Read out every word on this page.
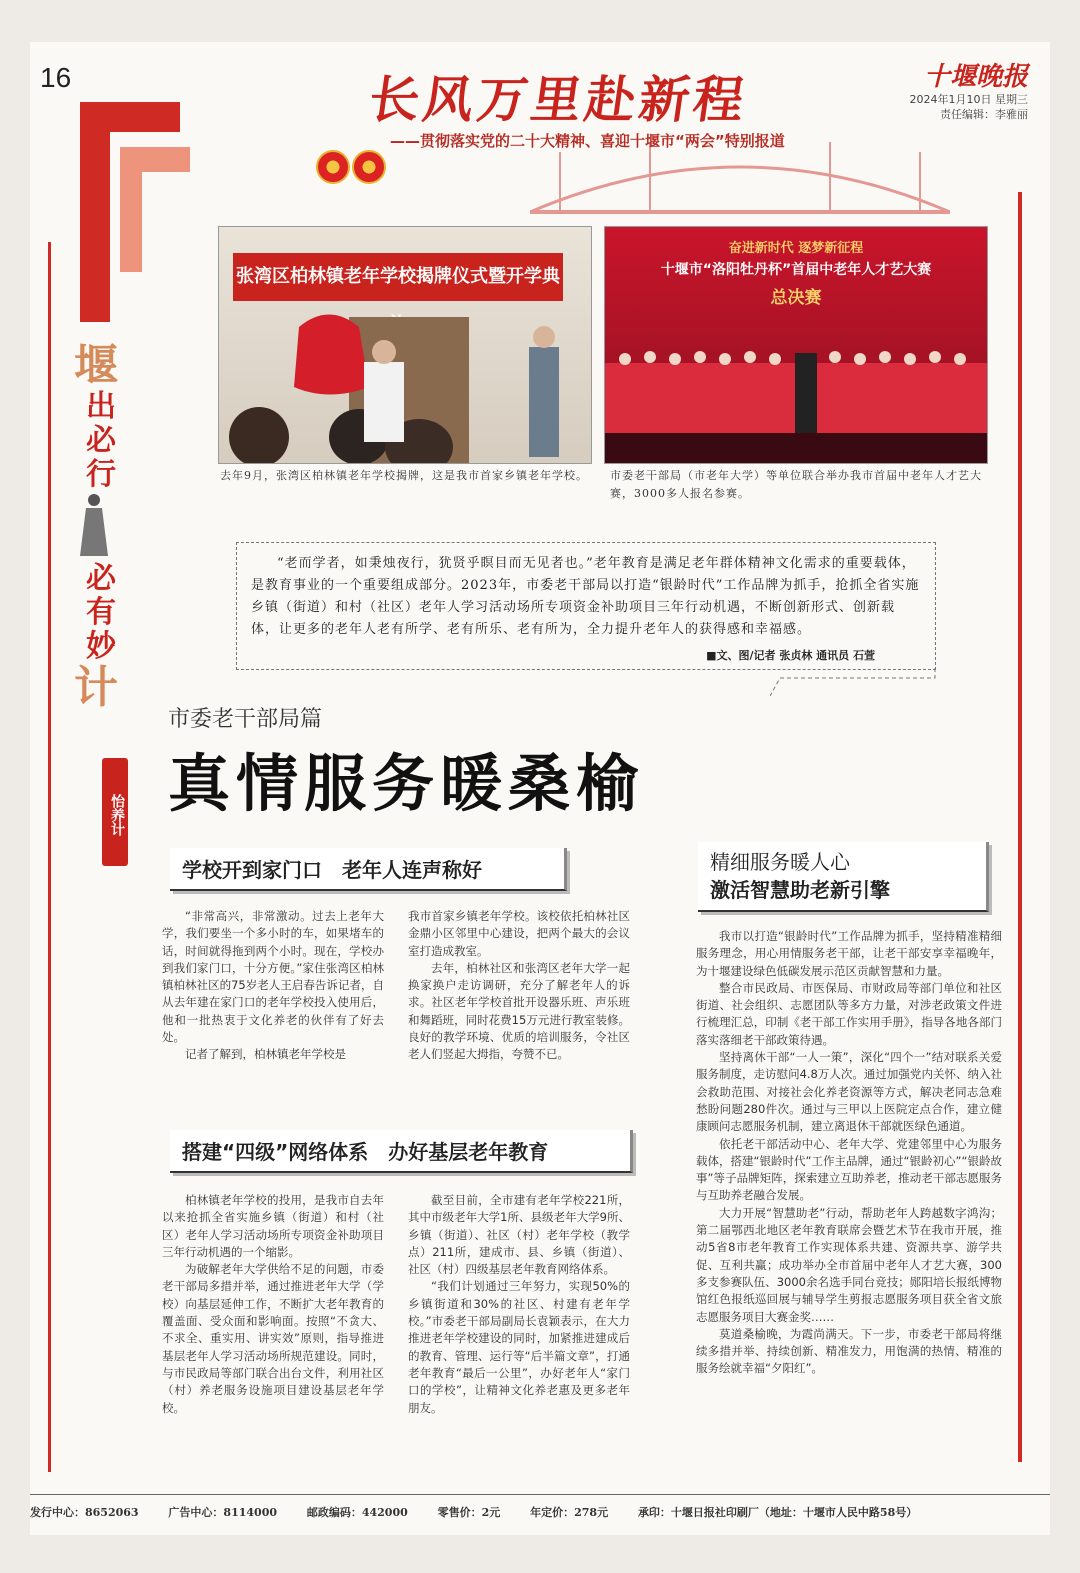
16	长风万里赴新程
——贯彻落实党的二十大精神、喜迎十堰市“两会”特别报道
十堰晚报
2024年1月10日 星期三
责任编辑：李雅丽
张湾区柏林镇老年学校揭牌仪式暨开学典
奋进新时代 逐梦新征程
十堰市“洛阳牡丹杯”首届中老年人才艺大赛
总决赛
去年9月，张湾区柏林镇老年学校揭牌，这是我市首家乡镇老年学校。	市委老干部局（市老年大学）等单位联合举办我市首届中老年人才艺大赛，3000多人报名参赛。
堰
出
必
行
必
有
妙
计
怡养计
“老而学者，如秉烛夜行，犹贤乎瞑目而无见者也。”老年教育是满足老年群体精神文化需求的重要载体，是教育事业的一个重要组成部分。2023年，市委老干部局以打造“银龄时代”工作品牌为抓手，抢抓全省实施乡镇（街道）和村（社区）老年人学习活动场所专项资金补助项目三年行动机遇，不断创新形式、创新载体，让更多的老年人老有所学、老有所乐、老有所为，全力提升老年人的获得感和幸福感。
■文、图/记者 张贞林 通讯员 石萱
市委老干部局篇
真情服务暖桑榆
学校开到家门口　老年人连声称好

“非常高兴，非常激动。过去上老年大学，我们要坐一个多小时的车，如果堵车的话，时间就得拖到两个小时。现在，学校办到我们家门口，十分方便。”家住张湾区柏林镇柏林社区的75岁老人王启春告诉记者，自从去年建在家门口的老年学校投入使用后，他和一批热衷于文化养老的伙伴有了好去处。

记者了解到，柏林镇老年学校是

我市首家乡镇老年学校。该校依托柏林社区金鼎小区邻里中心建设，把两个最大的会议室打造成教室。

去年，柏林社区和张湾区老年大学一起换家换户走访调研，充分了解老年人的诉求。社区老年学校首批开设器乐班、声乐班和舞蹈班，同时花费15万元进行教室装修。良好的教学环境、优质的培训服务，令社区老人们竖起大拇指，夸赞不已。

搭建“四级”网络体系　办好基层老年教育

柏林镇老年学校的投用，是我市自去年以来抢抓全省实施乡镇（街道）和村（社区）老年人学习活动场所专项资金补助项目三年行动机遇的一个缩影。

为破解老年大学供给不足的问题，市委老干部局多措并举，通过推进老年大学（学校）向基层延伸工作，不断扩大老年教育的覆盖面、受众面和影响面。按照“不贪大、不求全、重实用、讲实效”原则，指导推进基层老年人学习活动场所规范建设。同时，与市民政局等部门联合出台文件，利用社区（村）养老服务设施项目建设基层老年学校。

截至目前，全市建有老年学校221所，其中市级老年大学1所、县级老年大学9所、乡镇（街道）、社区（村）老年学校（教学点）211所，建成市、县、乡镇（街道）、社区（村）四级基层老年教育网络体系。

“我们计划通过三年努力，实现50%的乡镇街道和30%的社区、村建有老年学校。”市委老干部局副局长袁颖表示，在大力推进老年学校建设的同时，加紧推进建成后的教育、管理、运行等“后半篇文章”，打通老年教育“最后一公里”，办好老年人“家门口的学校”，让精神文化养老惠及更多老年朋友。

精细服务暖人心
激活智慧助老新引擎

我市以打造“银龄时代”工作品牌为抓手，坚持精准精细服务理念，用心用情服务老干部，让老干部安享幸福晚年，为十堰建设绿色低碳发展示范区贡献智慧和力量。

整合市民政局、市医保局、市财政局等部门单位和社区街道、社会组织、志愿团队等多方力量，对涉老政策文件进行梳理汇总，印制《老干部工作实用手册》，指导各地各部门落实落细老干部政策待遇。

坚持离休干部“一人一策”，深化“四个一”结对联系关爱服务制度，走访慰问4.8万人次。通过加强党内关怀、纳入社会救助范围、对接社会化养老资源等方式，解决老同志急难愁盼问题280件次。通过与三甲以上医院定点合作，建立健康顾问志愿服务机制，建立离退休干部就医绿色通道。

依托老干部活动中心、老年大学、党建邻里中心为服务载体，搭建“银龄时代”工作主品牌，通过“银龄初心”“银龄故事”等子品牌矩阵，探索建立互助养老，推动老干部志愿服务与互助养老融合发展。

大力开展“智慧助老”行动，帮助老年人跨越数字鸿沟；第二届鄂西北地区老年教育联席会暨艺术节在我市开展，推动5省8市老年教育工作实现体系共建、资源共享、游学共促、互利共赢；成功举办全市首届中老年人才艺大赛，300多支参赛队伍、3000余名选手同台竞技；郧阳培长报纸博物馆红色报纸巡回展与辅导学生剪报志愿服务项目获全省文旅志愿服务项目大赛金奖……

莫道桑榆晚，为霞尚满天。下一步，市委老干部局将继续多措并举、持续创新、精准发力，用饱满的热情、精准的服务绘就幸福“夕阳红”。

发行中心：8652063	广告中心：8114000	邮政编码：442000	零售价：2元	年定价：278元	承印：十堰日报社印刷厂（地址：十堰市人民中路58号）
